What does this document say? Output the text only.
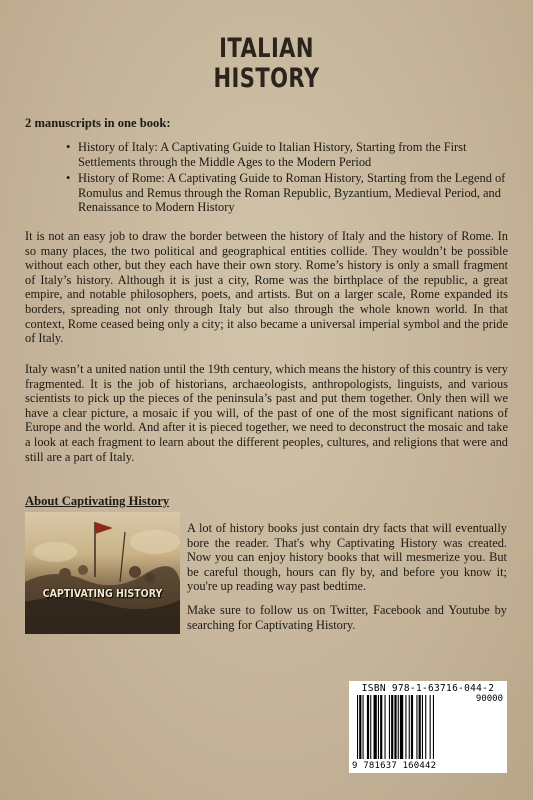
ITALIAN
HISTORY

2 manuscripts in one book:

• History of Italy: A Captivating Guide to Italian History, Starting from the First Settlements through the Middle Ages to the Modern Period
• History of Rome: A Captivating Guide to Roman History, Starting from the Legend of Romulus and Remus through the Roman Republic, Byzantium, Medieval Period, and Renaissance to Modern History

It is not an easy job to draw the border between the history of Italy and the history of Rome. In so many places, the two political and geographical entities collide. They wouldn’t be possible without each other, but they each have their own story. Rome’s history is only a small fragment of Italy’s history. Although it is just a city, Rome was the birthplace of the republic, a great empire, and notable philosophers, poets, and artists. But on a larger scale, Rome expanded its borders, spreading not only through Italy but also through the whole known world. In that context, Rome ceased being only a city; it also became a universal imperial symbol and the pride of Italy.

Italy wasn’t a united nation until the 19th century, which means the history of this country is very fragmented. It is the job of historians, archaeologists, anthropologists, linguists, and various scientists to pick up the pieces of the peninsula’s past and put them together. Only then will we have a clear picture, a mosaic if you will, of the past of one of the most significant nations of Europe and the world. And after it is pieced together, we need to deconstruct the mosaic and take a look at each fragment to learn about the different peoples, cultures, and religions that were and still are a part of Italy.

About Captivating History

CAPTIVATING HISTORY

A lot of history books just contain dry facts that will eventually bore the reader. That's why Captivating History was created. Now you can enjoy history books that will mesmerize you. But be careful though, hours can fly by, and before you know it; you're up reading way past bedtime.

Make sure to follow us on Twitter, Facebook and Youtube by searching for Captivating History.

ISBN 978-1-63716-044-2
90000
9 781637 160442
